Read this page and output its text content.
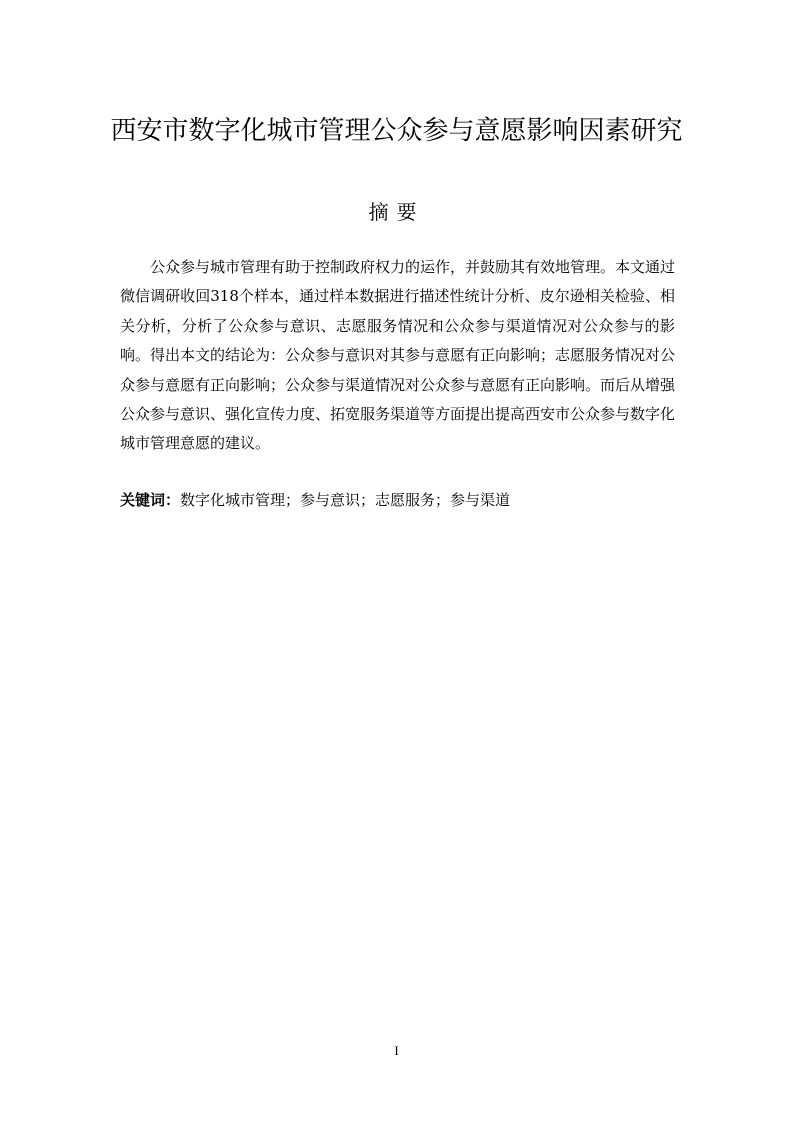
西安市数字化城市管理公众参与意愿影响因素研究
摘要

公众参与城市管理有助于控制政府权力的运作，并鼓励其有效地管理。本文通过微信调研收回318个样本，通过样本数据进行描述性统计分析、皮尔逊相关检验、相关分析，分析了公众参与意识、志愿服务情况和公众参与渠道情况对公众参与的影响。得出本文的结论为：公众参与意识对其参与意愿有正向影响；志愿服务情况对公众参与意愿有正向影响；公众参与渠道情况对公众参与意愿有正向影响。而后从增强公众参与意识、强化宣传力度、拓宽服务渠道等方面提出提高西安市公众参与数字化城市管理意愿的建议。

关键词：数字化城市管理；参与意识；志愿服务；参与渠道

I
